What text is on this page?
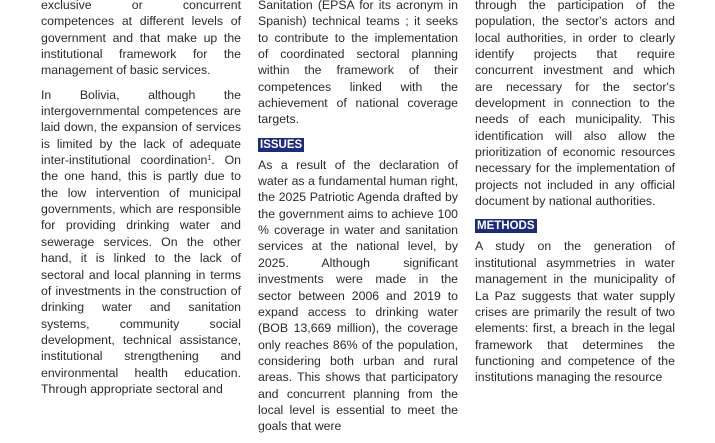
exclusive or concurrent competences at different levels of government and that make up the institutional framework for the management of basic services.

In Bolivia, although the intergovernmental competences are laid down, the expansion of services is limited by the lack of adequate inter-institutional coordination$^1$. On the one hand, this is partly due to the low intervention of municipal governments, which are responsible for providing drinking water and sewerage services. On the other hand, it is linked to the lack of sectoral and local planning in terms of investments in the construction of drinking water and sanitation systems, community social development, technical assistance, institutional strengthening and environmental health education. Through appropriate sectoral and

Sanitation (EPSA for its acronym in Spanish) technical teams ; it seeks to contribute to the implementation of coordinated sectoral planning within the framework of their competences linked with the achievement of national coverage targets.

ISSUES

As a result of the declaration of water as a fundamental human right, the 2025 Patriotic Agenda drafted by the government aims to achieve 100 % coverage in water and sanitation services at the national level, by 2025. Although significant investments were made in the sector between 2006 and 2019 to expand access to drinking water (BOB 13,669 million), the coverage only reaches 86% of the population, considering both urban and rural areas. This shows that participatory and concurrent planning from the local level is essential to meet the goals that were

through the participation of the population, the sector's actors and local authorities, in order to clearly identify projects that require concurrent investment and which are necessary for the sector's development in connection to the needs of each municipality. This identification will also allow the prioritization of economic resources necessary for the implementation of projects not included in any official document by national authorities.

METHODS

A study on the generation of institutional asymmetries in water management in the municipality of La Paz suggests that water supply crises are primarily the result of two elements: first, a breach in the legal framework that determines the functioning and competence of the institutions managing the resource
